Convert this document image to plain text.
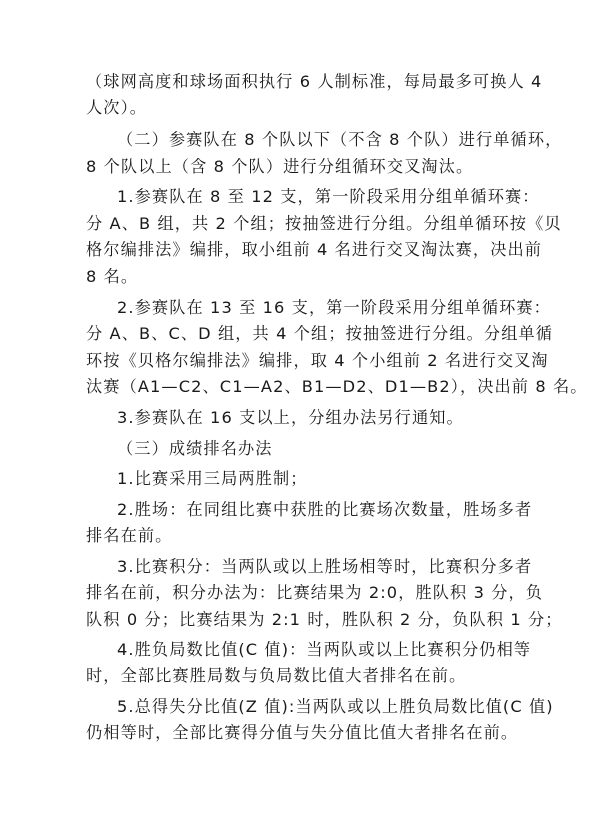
（球网高度和球场面积执行 6 人制标准，每局最多可换人 4
人次）。
（二）参赛队在 8 个队以下（不含 8 个队）进行单循环，
8 个队以上（含 8 个队）进行分组循环交叉淘汰。
1.参赛队在 8 至 12 支，第一阶段采用分组单循环赛：
分 A、B 组，共 2 个组；按抽签进行分组。分组单循环按《贝
格尔编排法》编排，取小组前 4 名进行交叉淘汰赛，决出前
8 名。
2.参赛队在 13 至 16 支，第一阶段采用分组单循环赛：
分 A、B、C、D 组，共 4 个组；按抽签进行分组。分组单循
环按《贝格尔编排法》编排，取 4 个小组前 2 名进行交叉淘
汰赛（A1—C2、C1—A2、B1—D2、D1—B2），决出前 8 名。
3.参赛队在 16 支以上，分组办法另行通知。
（三）成绩排名办法
1.比赛采用三局两胜制；
2.胜场：在同组比赛中获胜的比赛场次数量，胜场多者
排名在前。
3.比赛积分：当两队或以上胜场相等时，比赛积分多者
排名在前，积分办法为：比赛结果为 2:0，胜队积 3 分，负
队积 0 分；比赛结果为 2:1 时，胜队积 2 分，负队积 1 分；
4.胜负局数比值(C 值)：当两队或以上比赛积分仍相等
时，全部比赛胜局数与负局数比值大者排名在前。
5.总得失分比值(Z 值):当两队或以上胜负局数比值(C 值)
仍相等时，全部比赛得分值与失分值比值大者排名在前。
